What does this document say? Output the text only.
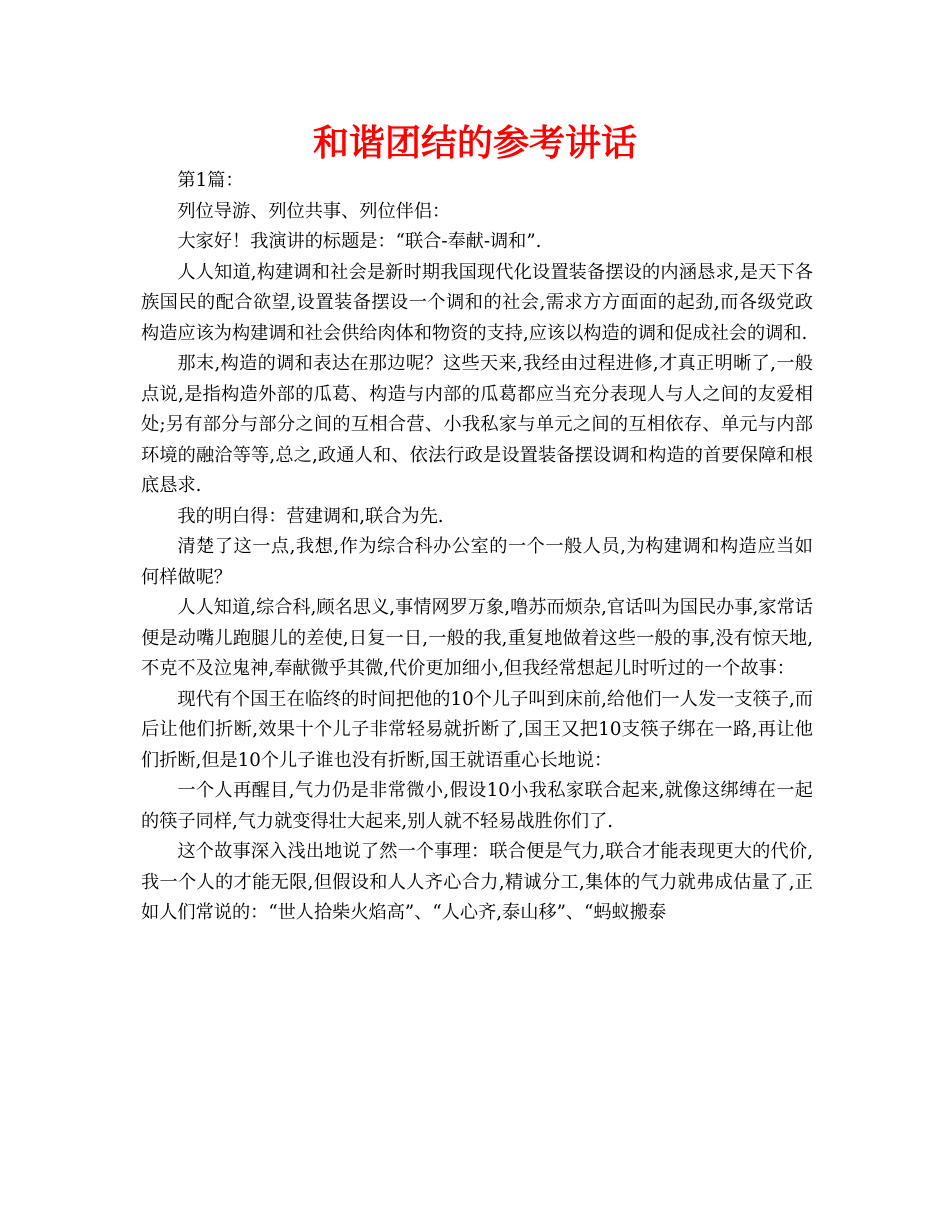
和谐团结的参考讲话

第1篇：

列位导游、列位共事、列位伴侣：

大家好！我演讲的标题是：“联合-奉献-调和”.

人人知道,构建调和社会是新时期我国现代化设置装备摆设的内涵恳求,是天下各族国民的配合欲望,设置装备摆设一个调和的社会,需求方方面面的起劲,而各级党政构造应该为构建调和社会供给肉体和物资的支持,应该以构造的调和促成社会的调和.

那末,构造的调和表达在那边呢？这些天来,我经由过程进修,才真正明晰了,一般点说,是指构造外部的瓜葛、构造与内部的瓜葛都应当充分表现人与人之间的友爱相处;另有部分与部分之间的互相合营、小我私家与单元之间的互相依存、单元与内部环境的融洽等等,总之,政通人和、依法行政是设置装备摆设调和构造的首要保障和根底恳求.

我的明白得：营建调和,联合为先.

清楚了这一点,我想,作为综合科办公室的一个一般人员,为构建调和构造应当如何样做呢？

人人知道,综合科,顾名思义,事情网罗万象,噜苏而烦杂,官话叫为国民办事,家常话便是动嘴儿跑腿儿的差使,日复一日,一般的我,重复地做着这些一般的事,没有惊天地,不克不及泣鬼神,奉献微乎其微,代价更加细小,但我经常想起儿时听过的一个故事：

现代有个国王在临终的时间把他的10个儿子叫到床前,给他们一人发一支筷子,而后让他们折断,效果十个儿子非常轻易就折断了,国王又把10支筷子绑在一路,再让他们折断,但是10个儿子谁也没有折断,国王就语重心长地说：

一个人再醒目,气力仍是非常微小,假设10小我私家联合起来,就像这绑缚在一起的筷子同样,气力就变得壮大起来,别人就不轻易战胜你们了.

这个故事深入浅出地说了然一个事理：联合便是气力,联合才能表现更大的代价,我一个人的才能无限,但假设和人人齐心合力,精诚分工,集体的气力就弗成估量了,正如人们常说的：“世人拾柴火焰高”、“人心齐,泰山移”、“蚂蚁搬泰
